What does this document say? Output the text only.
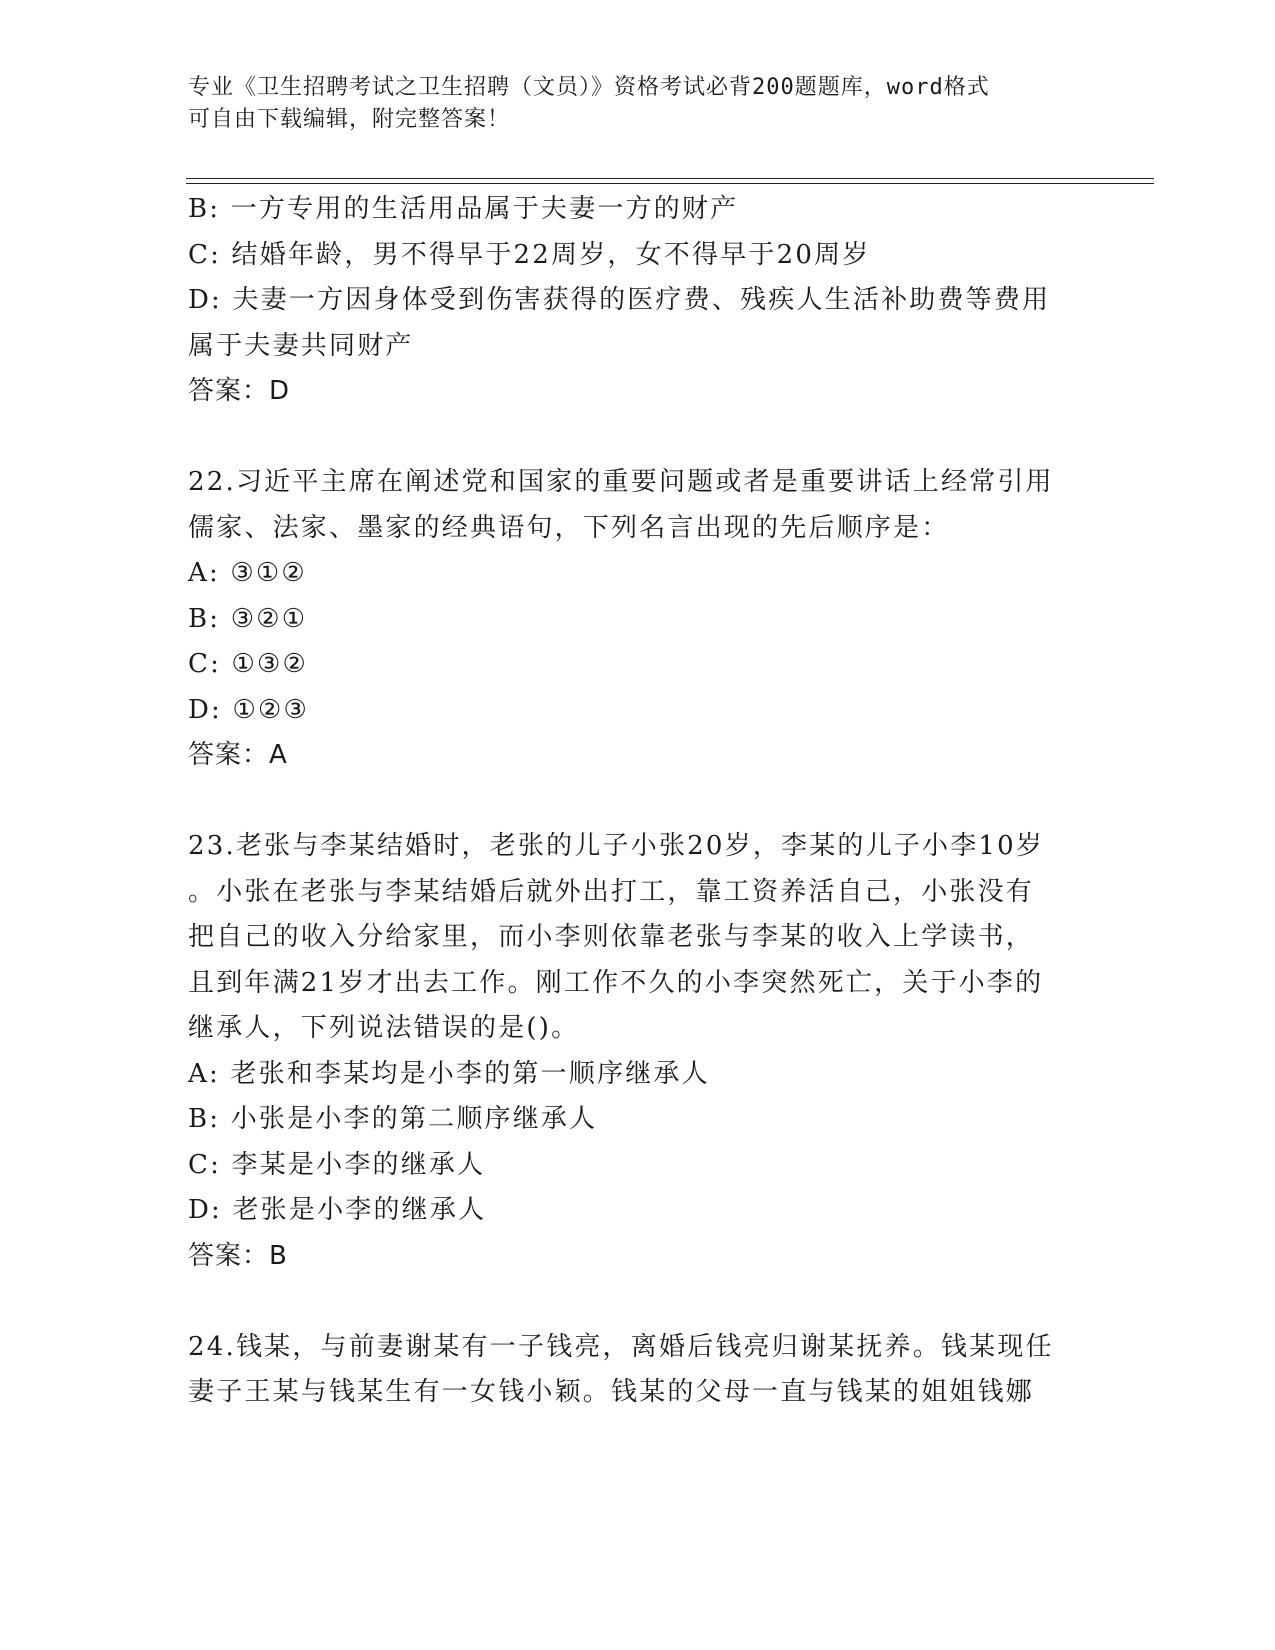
专业《卫生招聘考试之卫生招聘（文员）》资格考试必背200题题库，word格式
可自由下载编辑，附完整答案！
B: 一方专用的生活用品属于夫妻一方的财产
C: 结婚年龄，男不得早于22周岁，女不得早于20周岁
D: 夫妻一方因身体受到伤害获得的医疗费、残疾人生活补助费等费用
属于夫妻共同财产
答案：D
22.习近平主席在阐述党和国家的重要问题或者是重要讲话上经常引用
儒家、法家、墨家的经典语句，下列名言出现的先后顺序是：
A: ③①②
B: ③②①
C: ①③②
D: ①②③
答案：A
23.老张与李某结婚时，老张的儿子小张20岁，李某的儿子小李10岁
。小张在老张与李某结婚后就外出打工，靠工资养活自己，小张没有
把自己的收入分给家里，而小李则依靠老张与李某的收入上学读书，
且到年满21岁才出去工作。刚工作不久的小李突然死亡，关于小李的
继承人，下列说法错误的是()。
A: 老张和李某均是小李的第一顺序继承人
B: 小张是小李的第二顺序继承人
C: 李某是小李的继承人
D: 老张是小李的继承人
答案：B
24.钱某，与前妻谢某有一子钱亮，离婚后钱亮归谢某抚养。钱某现任
妻子王某与钱某生有一女钱小颖。钱某的父母一直与钱某的姐姐钱娜
